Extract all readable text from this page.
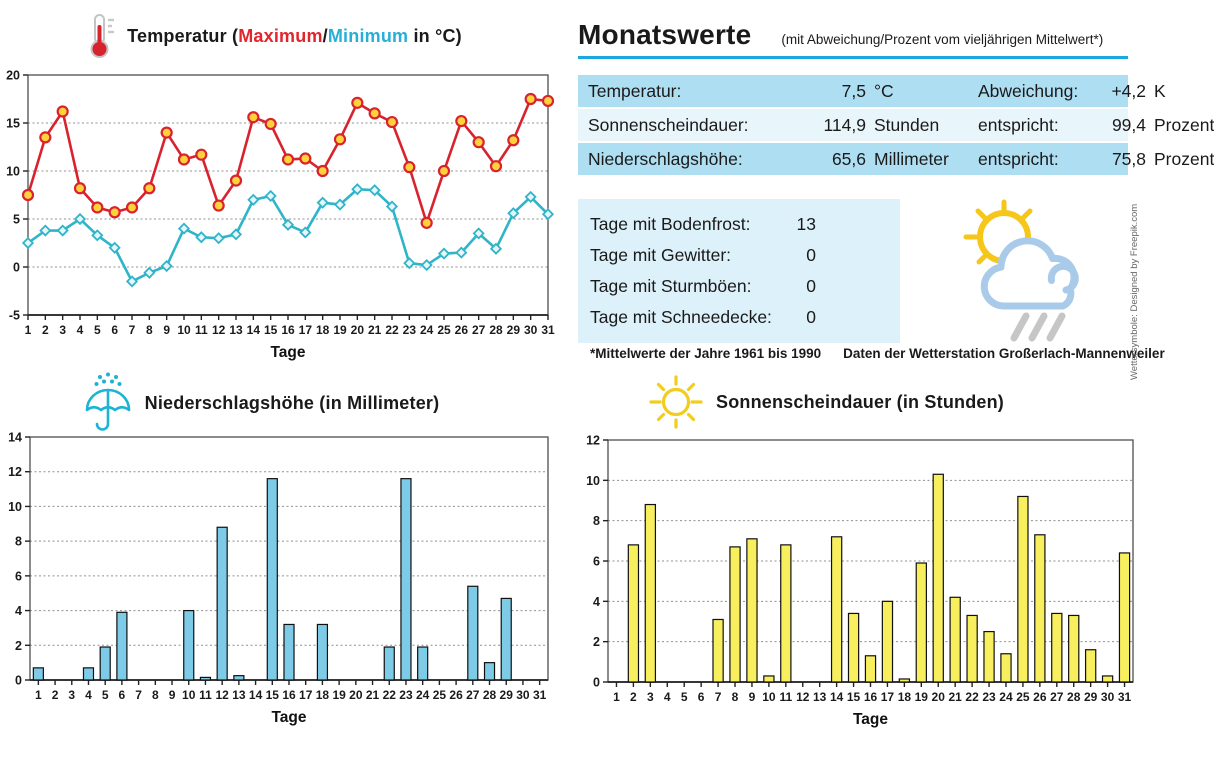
Temperatur (Maximum/Minimum in °C)
-5
0
5
10
15
20
1 2 3 4 5 6 7 8 9 10 11 12 13 14 15 16 17 18 19 20 21 22 23 24 25 26 27 28 29 30 31
Tage
Monatswerte (mit Abweichung/Prozent vom vieljährigen Mittelwert*)
Temperatur:	7,5 °C	Abweichung:	+4,2 K
Sonnenscheindauer:	114,9 Stunden	entspricht:	99,4 Prozent
Niederschlagshöhe:	65,6 Millimeter	entspricht:	75,8 Prozent
Tage mit Bodenfrost:	13
Tage mit Gewitter:	0
Tage mit Sturmböen:	0
Tage mit Schneedecke:	0
*Mittelwerte der Jahre 1961 bis 1990 Daten der Wetterstation Großerlach-Mannenweiler
Wettersymbole: Designed by Freepik.com
Niederschlagshöhe (in Millimeter)
0
2
4
6
8
10
12
14
1 2 3 4 5 6 7 8 9 10 11 12 13 14 15 16 17 18 19 20 21 22 23 24 25 26 27 28 29 30 31
Tage
Sonnenscheindauer (in Stunden)
0
2
4
6
8
10
12
1 2 3 4 5 6 7 8 9 10 11 12 13 14 15 16 17 18 19 20 21 22 23 24 25 26 27 28 29 30 31
Tage
